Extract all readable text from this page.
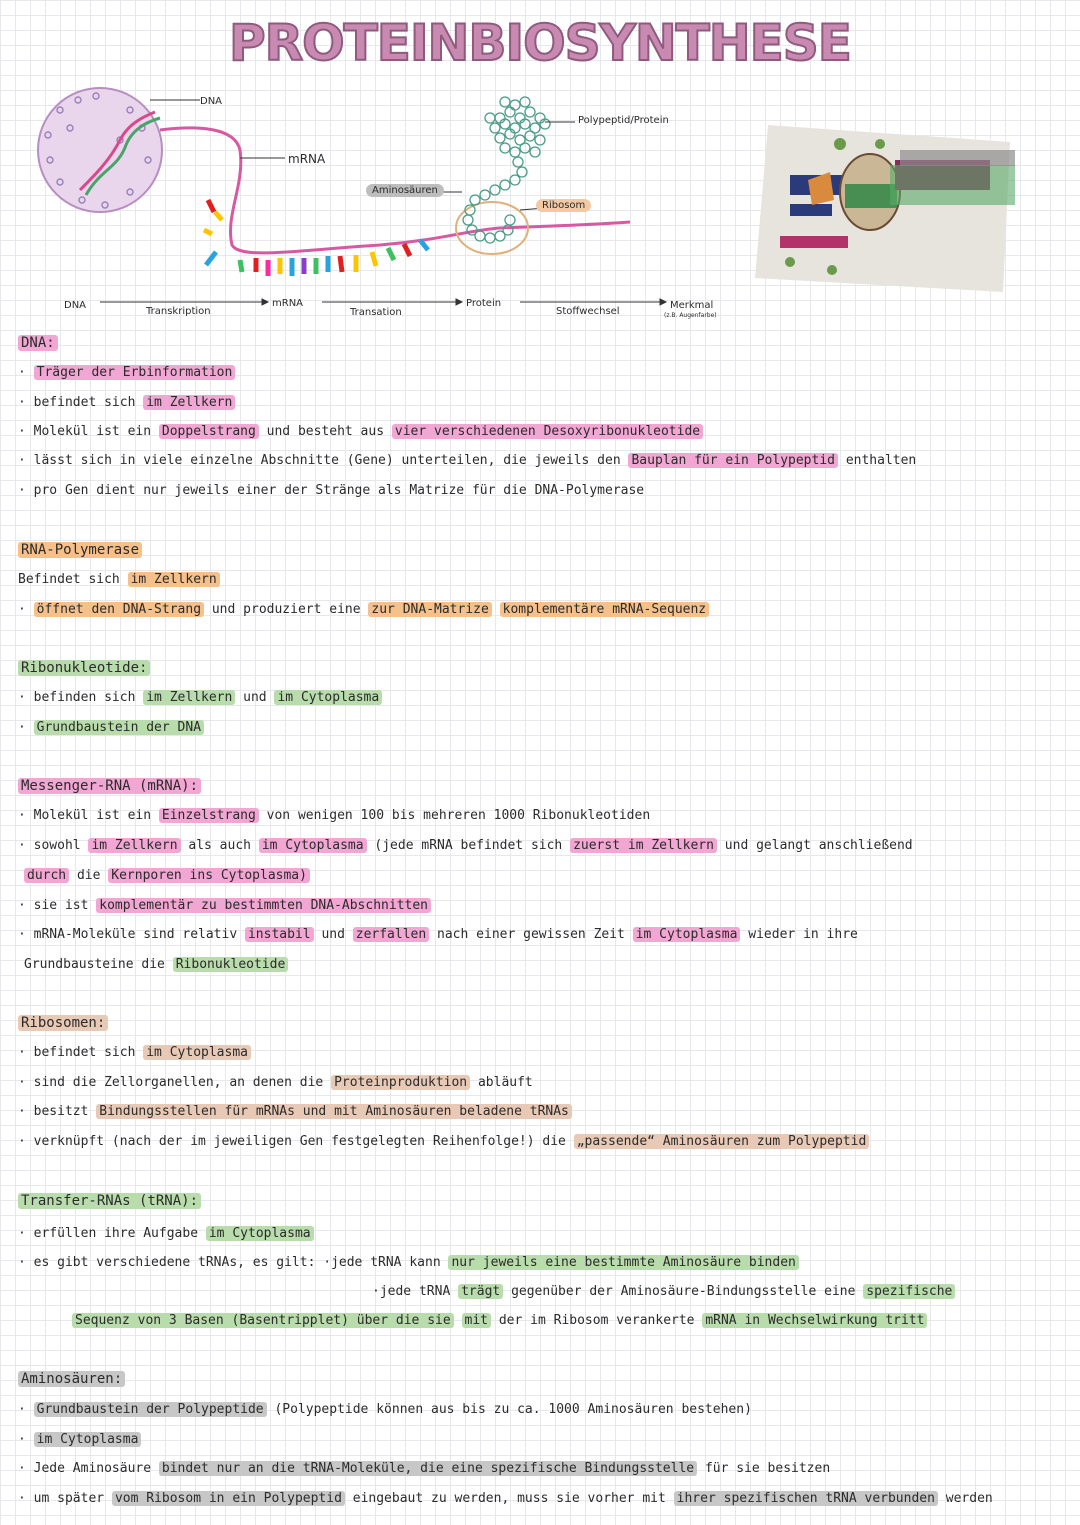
PROTEINBIOSYNTHESE
DNA
mRNA
Aminosäuren
Polypeptid/Protein
Ribosom
DNA
Transkription
mRNA
Transation
Protein
Stoffwechsel
Merkmal
(z.B. Augenfarbe)
DNA:
· Träger der Erbinformation
· befindet sich im Zellkern
· Molekül ist ein Doppelstrang und besteht aus vier verschiedenen Desoxyribonukleotide
· lässt sich in viele einzelne Abschnitte (Gene) unterteilen, die jeweils den Bauplan für ein Polypeptid enthalten
· pro Gen dient nur jeweils einer der Stränge als Matrize für die DNA-Polymerase
RNA-Polymerase
Befindet sich im Zellkern
· öffnet den DNA-Strang und produziert eine zur DNA-Matrize komplementäre mRNA-Sequenz
Ribonukleotide:
· befinden sich im Zellkern und im Cytoplasma
· Grundbaustein der DNA
Messenger-RNA (mRNA):
· Molekül ist ein Einzelstrang von wenigen 100 bis mehreren 1000 Ribonukleotiden
· sowohl im Zellkern als auch im Cytoplasma (jede mRNA befindet sich zuerst im Zellkern und gelangt anschließend
durch die Kernporen ins Cytoplasma)
· sie ist komplementär zu bestimmten DNA-Abschnitten
· mRNA-Moleküle sind relativ instabil und zerfallen nach einer gewissen Zeit im Cytoplasma wieder in ihre
Grundbausteine die Ribonukleotide
Ribosomen:
· befindet sich im Cytoplasma
· sind die Zellorganellen, an denen die Proteinproduktion abläuft
· besitzt Bindungsstellen für mRNAs und mit Aminosäuren beladene tRNAs
· verknüpft (nach der im jeweiligen Gen festgelegten Reihenfolge!) die „passende“ Aminosäuren zum Polypeptid
Transfer-RNAs (tRNA):
· erfüllen ihre Aufgabe im Cytoplasma
· es gibt verschiedene tRNAs, es gilt: ·jede tRNA kann nur jeweils eine bestimmte Aminosäure binden
·jede tRNA trägt gegenüber der Aminosäure-Bindungsstelle eine spezifische
Sequenz von 3 Basen (Basentripplet) über die sie mit der im Ribosom verankerte mRNA in Wechselwirkung tritt
Aminosäuren:
· Grundbaustein der Polypeptide (Polypeptide können aus bis zu ca. 1000 Aminosäuren bestehen)
· im Cytoplasma
· Jede Aminosäure bindet nur an die tRNA-Moleküle, die eine spezifische Bindungsstelle für sie besitzen
· um später vom Ribosom in ein Polypeptid eingebaut zu werden, muss sie vorher mit ihrer spezifischen tRNA verbunden werden
